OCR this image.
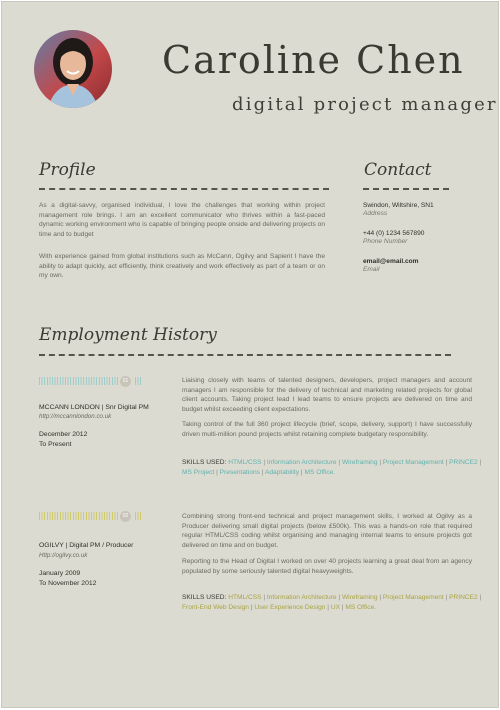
Caroline Chen
digital project manager
Profile
As a digital-savvy, organised individual, I love the challenges that working within project management role brings. I am an excellent communicator who thrives within a fast-paced dynamic working environment who is capable of bringing people onside and delivering projects on time and to budget
With experience gained from global institutions such as McCann, Ogilvy and Sapient I have the ability to adapt quickly, act efficiently, think creatively and work effectively as part of a team or on my own.
Contact
Swindon, Wiltshire, SN1
Address
+44 (0) 1234 567890
Phone Number
email@email.com
Email
Employment History
01
MCCANN LONDON | Snr Digital PM
http://mccannlondon.co.uk
December 2012
To Present
Liaising closely with teams of talented designers, developers, project managers and account managers I am responsible for the delivery of technical and marketing related projects for global client accounts. Taking project lead I lead teams to ensure projects are delivered on time and budget whilst exceeding client expectations.
Taking control of the full 360 project lifecycle (brief, scope, delivery, support) I have successfully driven multi-million pound projects whilst retaining complete budgetary responsibility.
SKILLS USED: HTML/CSS | Information Architecture | Wireframing | Project Management | PRINCE2 | MS Project | Presentations | Adaptability | MS Office.
02
OGILVY | Digital PM / Producer
Http://ogilvy.co.uk
January 2009
To November 2012
Combining strong front-end technical and project management skills, I worked at Ogilvy as a Producer delivering small digital projects (below £500k). This was a hands-on role that required regular HTML/CSS coding whilst organising and managing internal teams to ensure projects got delivered on time and on budget.
Reporting to the Head of Digital I worked on over 40 projects learning a great deal from an agency populated by some seriously talented digital heavyweights.
SKILLS USED: HTML/CSS | Information Architecture | Wireframing | Project Management | PRINCE2 | Front-End Web Design | User Experience Design | UX | MS Office.
